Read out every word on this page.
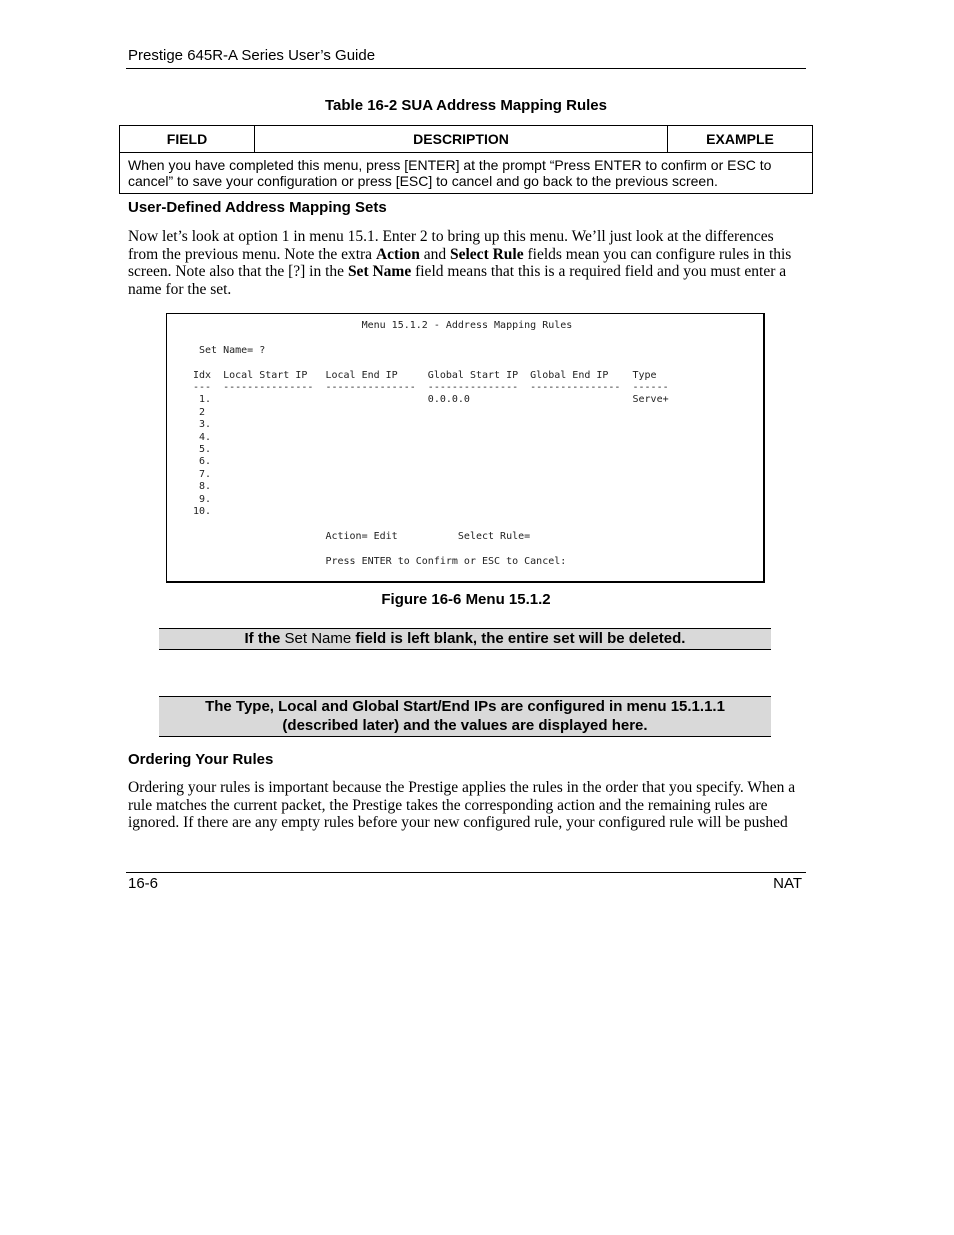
Prestige 645R-A Series User’s Guide
Table 16-2 SUA Address Mapping Rules
FIELD	DESCRIPTION	EXAMPLE
When you have completed this menu, press [ENTER] at the prompt “Press ENTER to confirm or ESC to cancel” to save your configuration or press [ESC] to cancel and go back to the previous screen.
User-Defined Address Mapping Sets
Now let’s look at option 1 in menu 15.1. Enter 2 to bring up this menu. We’ll just look at the differences from the previous menu. Note the extra Action and Select Rule fields mean you can configure rules in this screen. Note also that the [?] in the Set Name field means that this is a required field and you must enter a name for the set.
Menu 15.1.2 - Address Mapping Rules

Set Name= ?

Idx  Local Start IP   Local End IP     Global Start IP  Global End IP    Type
---  ---------------  ---------------  ---------------  ---------------  ------
1.                                    0.0.0.0                           Serve+
2
3.
4.
5.
6.
7.
8.
9.
10.

Action= Edit          Select Rule=

Press ENTER to Confirm or ESC to Cancel:
Figure 16-6 Menu 15.1.2
If the Set Name field is left blank, the entire set will be deleted.
The Type, Local and Global Start/End IPs are configured in menu 15.1.1.1
(described later) and the values are displayed here.
Ordering Your Rules
Ordering your rules is important because the Prestige applies the rules in the order that you specify. When a rule matches the current packet, the Prestige takes the corresponding action and the remaining rules are ignored. If there are any empty rules before your new configured rule, your configured rule will be pushed
16-6	NAT
